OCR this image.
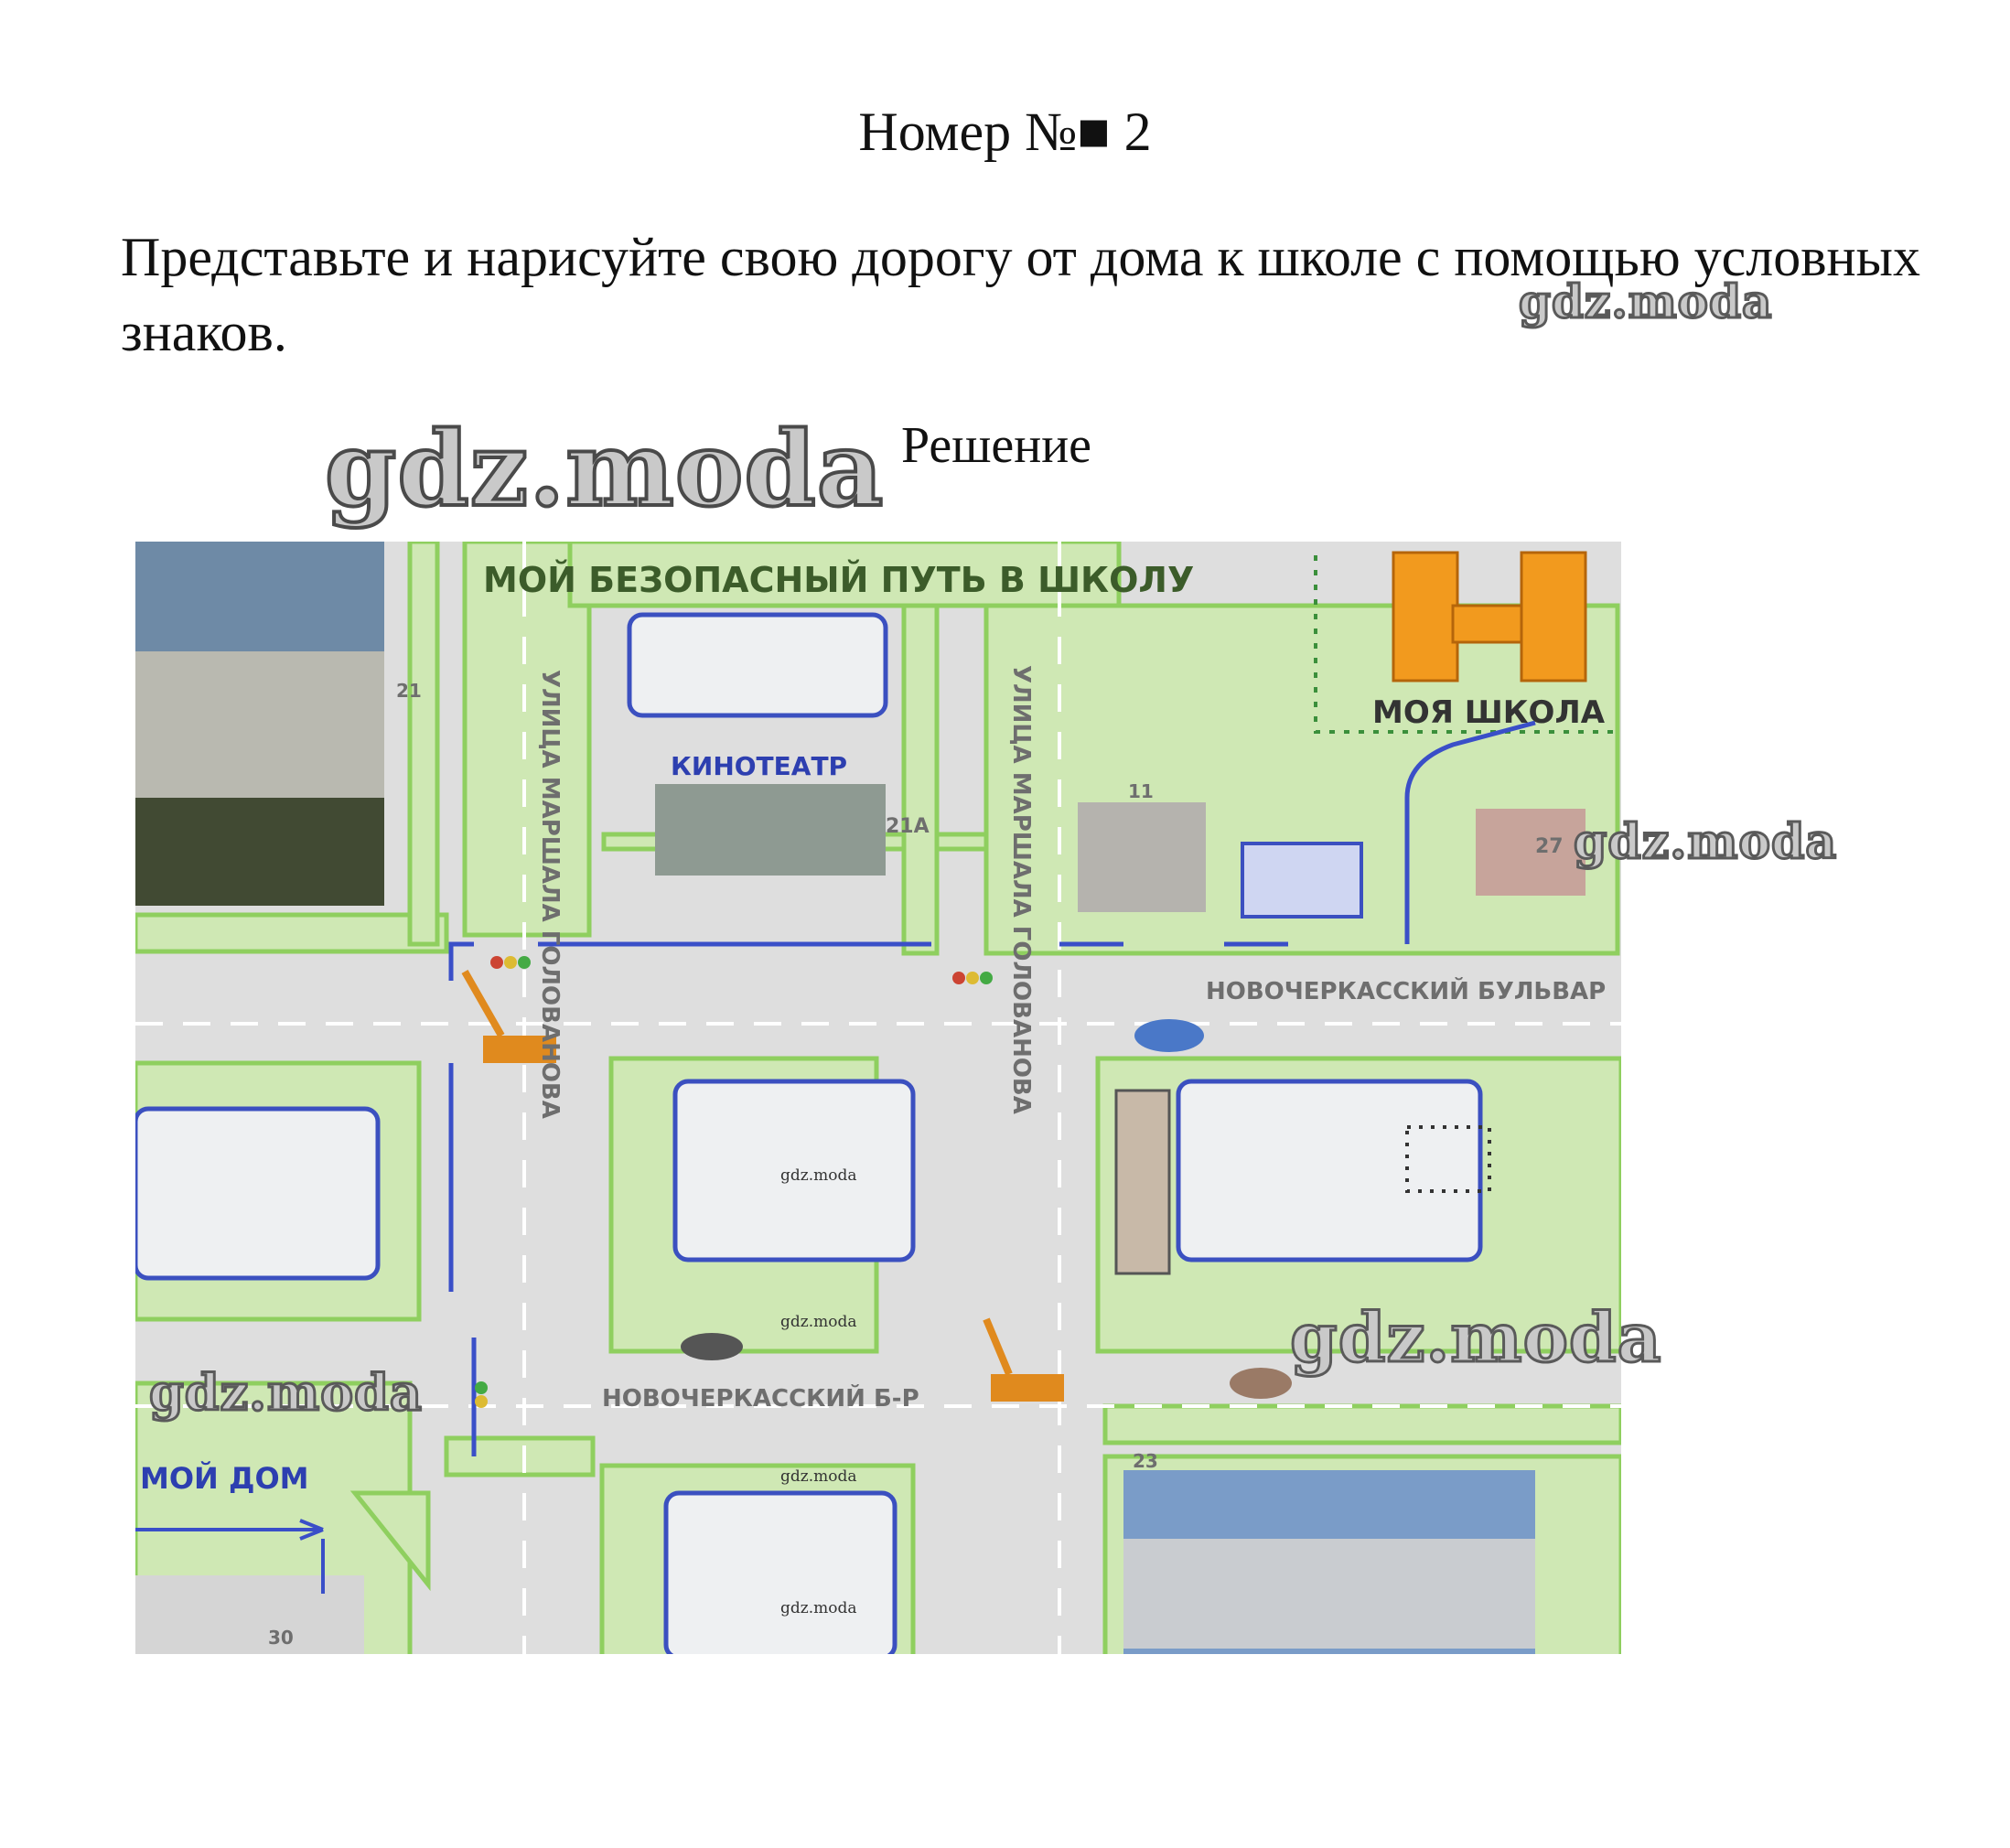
Номер №■ 2
Представьте и нарисуйте свою дорогу от дома к школе с помощью условных знаков.
Решение
gdz.moda
gdz.moda
МОЙ БЕЗОПАСНЫЙ ПУТЬ В ШКОЛУ
МОЯ ШКОЛА
МОЙ ДОМ
КИНОТЕАТР
УЛИЦА МАРШАЛА ГОЛОВАНОВА	УЛИЦА МАРШАЛА ГОЛОВАНОВА	НОВОЧЕРКАССКИЙ БУЛЬВАР
НОВОЧЕРКАССКИЙ Б-Р
21
21А
11
27
23
30
gdz.moda
gdz.moda
gdz.moda
gdz.moda
gdz.moda
gdz.moda
gdz.moda
